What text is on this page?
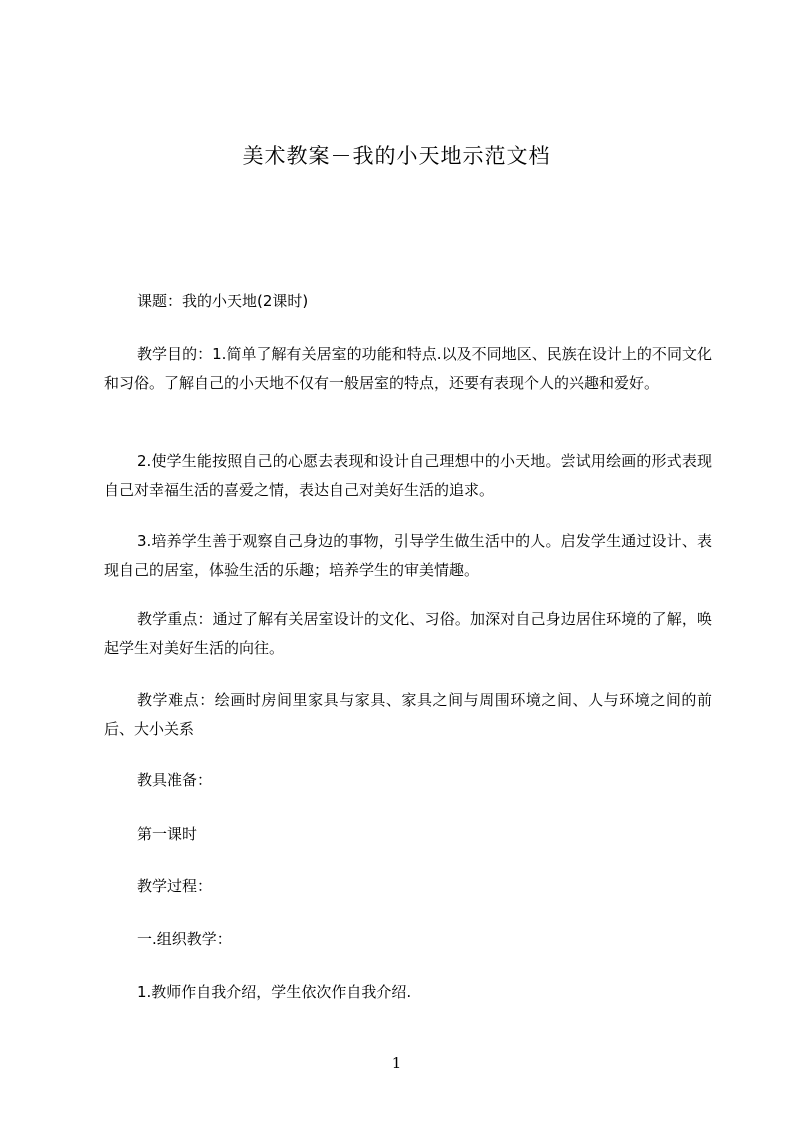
美术教案－我的小天地示范文档

课题：我的小天地(2课时)

教学目的：1.简单了解有关居室的功能和特点.以及不同地区、民族在设计上的不同文化和习俗。了解自己的小天地不仅有一般居室的特点，还要有表现个人的兴趣和爱好。

2.使学生能按照自己的心愿去表现和设计自己理想中的小天地。尝试用绘画的形式表现自己对幸福生活的喜爱之情，表达自己对美好生活的追求。

3.培养学生善于观察自己身边的事物，引导学生做生活中的人。启发学生通过设计、表现自己的居室，体验生活的乐趣；培养学生的审美情趣。

教学重点：通过了解有关居室设计的文化、习俗。加深对自己身边居住环境的了解，唤起学生对美好生活的向往。

教学难点：绘画时房间里家具与家具、家具之间与周围环境之间、人与环境之间的前后、大小关系

教具准备：

第一课时

教学过程：

一.组织教学：

1.教师作自我介绍，学生依次作自我介绍.

1
